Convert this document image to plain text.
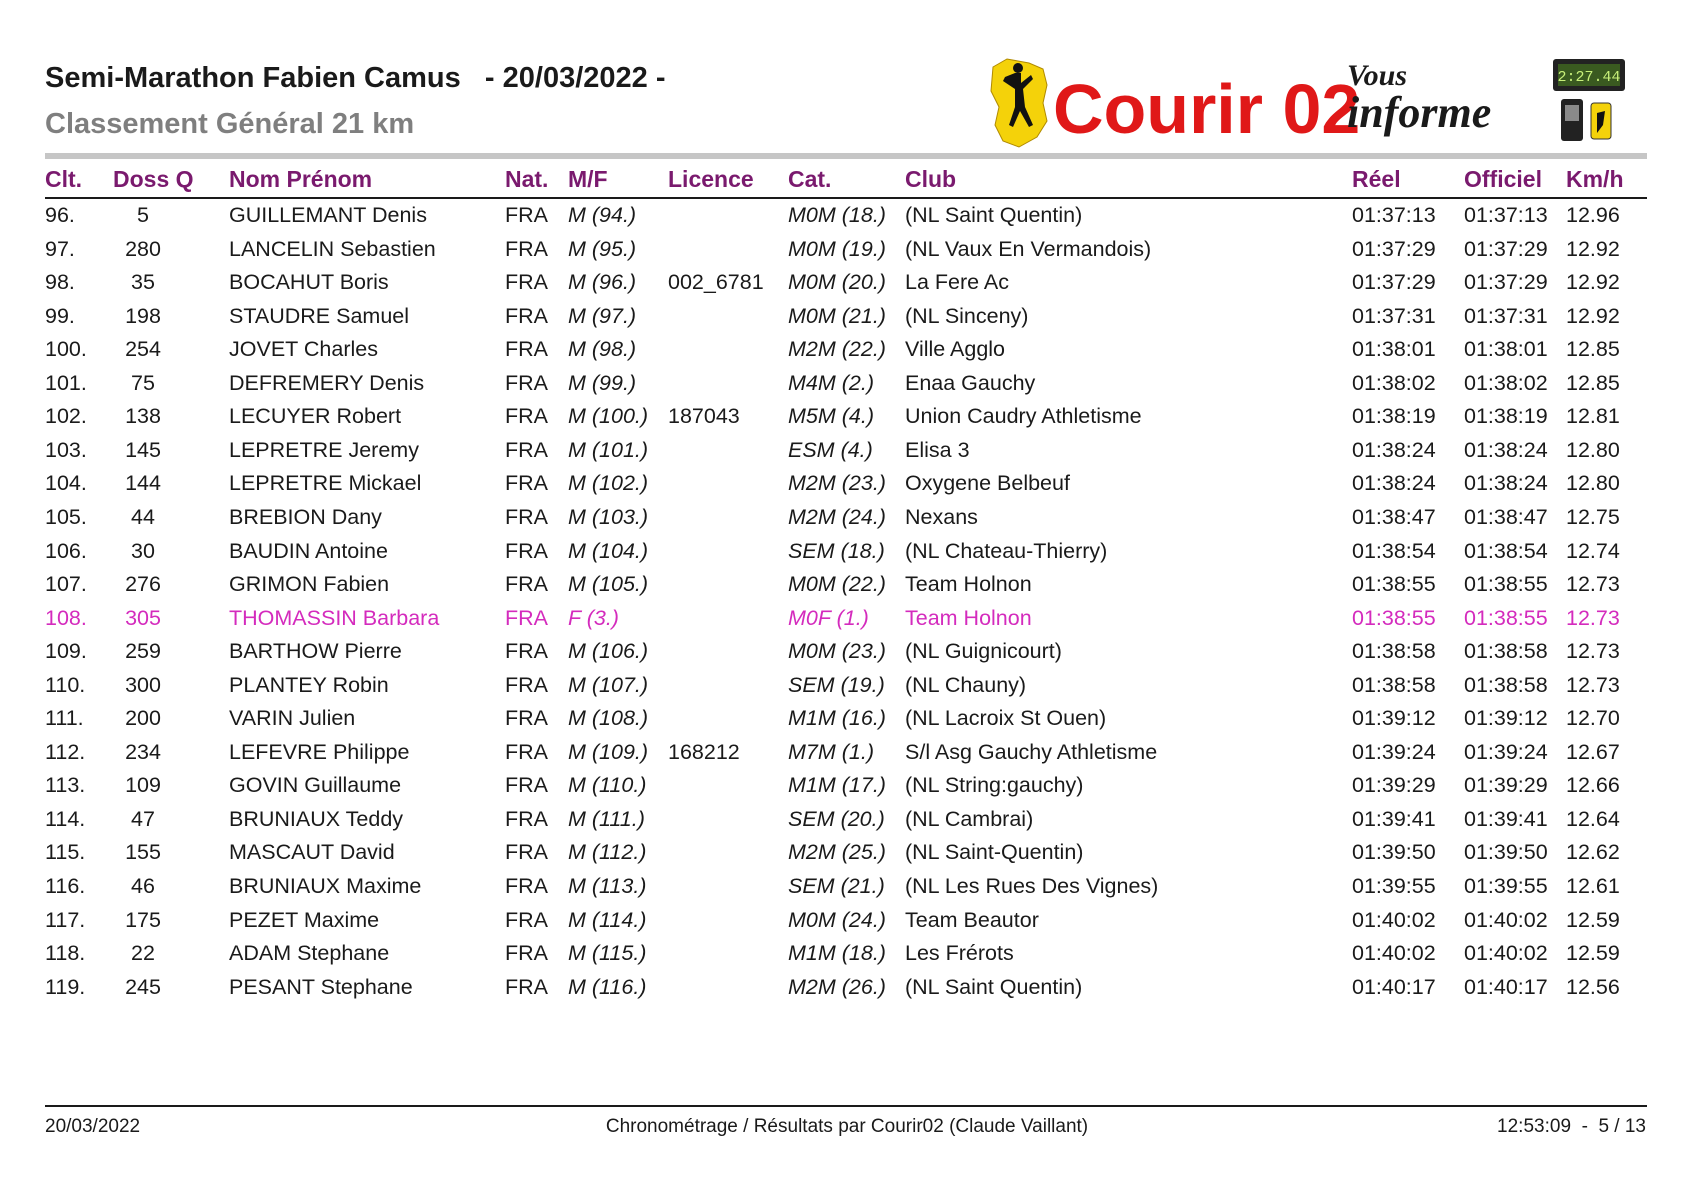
Semi-Marathon Fabien Camus   - 20/03/2022 -
Classement Général 21 km	Courir 02
Vous
informe
2:27.44
Clt. Doss Q Nom Prénom	Nat. M/F	Licence Cat.	Club	Réel	Officiel Km/h
96.	5	GUILLEMANT Denis	FRA M (94.)	M0M (18.) (NL Saint Quentin)	01:37:13 01:37:13 12.96
97.	280	LANCELIN Sebastien	FRA M (95.)	M0M (19.) (NL Vaux En Vermandois)	01:37:29 01:37:29 12.92
98.	35	BOCAHUT Boris	FRA M (96.) 002_6781 M0M (20.) La Fere Ac	01:37:29 01:37:29 12.92
99.	198	STAUDRE Samuel	FRA M (97.)	M0M (21.) (NL Sinceny)	01:37:31 01:37:31 12.92
100.	254	JOVET Charles	FRA M (98.)	M2M (22.) Ville Agglo	01:38:01 01:38:01 12.85
101.	75	DEFREMERY Denis	FRA M (99.)	M4M (2.) Enaa Gauchy	01:38:02 01:38:02 12.85
102.	138	LECUYER Robert	FRA M (100.) 187043 M5M (4.) Union Caudry Athletisme	01:38:19 01:38:19 12.81
103.	145	LEPRETRE Jeremy	FRA M (101.)	ESM (4.) Elisa 3	01:38:24 01:38:24 12.80
104.	144	LEPRETRE Mickael	FRA M (102.)	M2M (23.) Oxygene Belbeuf	01:38:24 01:38:24 12.80
105.	44	BREBION Dany	FRA M (103.)	M2M (24.) Nexans	01:38:47 01:38:47 12.75
106.	30	BAUDIN Antoine	FRA M (104.)	SEM (18.) (NL Chateau-Thierry)	01:38:54 01:38:54 12.74
107.	276	GRIMON Fabien	FRA M (105.)	M0M (22.) Team Holnon	01:38:55 01:38:55 12.73
108.	305	THOMASSIN Barbara	FRA F (3.)	M0F (1.) Team Holnon	01:38:55 01:38:55 12.73
109.	259	BARTHOW Pierre	FRA M (106.)	M0M (23.) (NL Guignicourt)	01:38:58 01:38:58 12.73
110.	300	PLANTEY Robin	FRA M (107.)	SEM (19.) (NL Chauny)	01:38:58 01:38:58 12.73
111.	200	VARIN Julien	FRA M (108.)	M1M (16.) (NL Lacroix St Ouen)	01:39:12 01:39:12 12.70
112.	234	LEFEVRE Philippe	FRA M (109.) 168212 M7M (1.) S/l Asg Gauchy Athletisme	01:39:24 01:39:24 12.67
113.	109	GOVIN Guillaume	FRA M (110.)	M1M (17.) (NL String:gauchy)	01:39:29 01:39:29 12.66
114.	47	BRUNIAUX Teddy	FRA M (111.)	SEM (20.) (NL Cambrai)	01:39:41 01:39:41 12.64
115.	155	MASCAUT David	FRA M (112.)	M2M (25.) (NL Saint-Quentin)	01:39:50 01:39:50 12.62
116.	46	BRUNIAUX Maxime	FRA M (113.)	SEM (21.) (NL Les Rues Des Vignes)	01:39:55 01:39:55 12.61
117.	175	PEZET Maxime	FRA M (114.)	M0M (24.) Team Beautor	01:40:02 01:40:02 12.59
118.	22	ADAM Stephane	FRA M (115.)	M1M (18.) Les Frérots	01:40:02 01:40:02 12.59
119.	245	PESANT Stephane	FRA M (116.)	M2M (26.) (NL Saint Quentin)	01:40:17 01:40:17 12.56
20/03/2022	Chronométrage / Résultats par Courir02 (Claude Vaillant)	12:53:09  -  5 / 13
